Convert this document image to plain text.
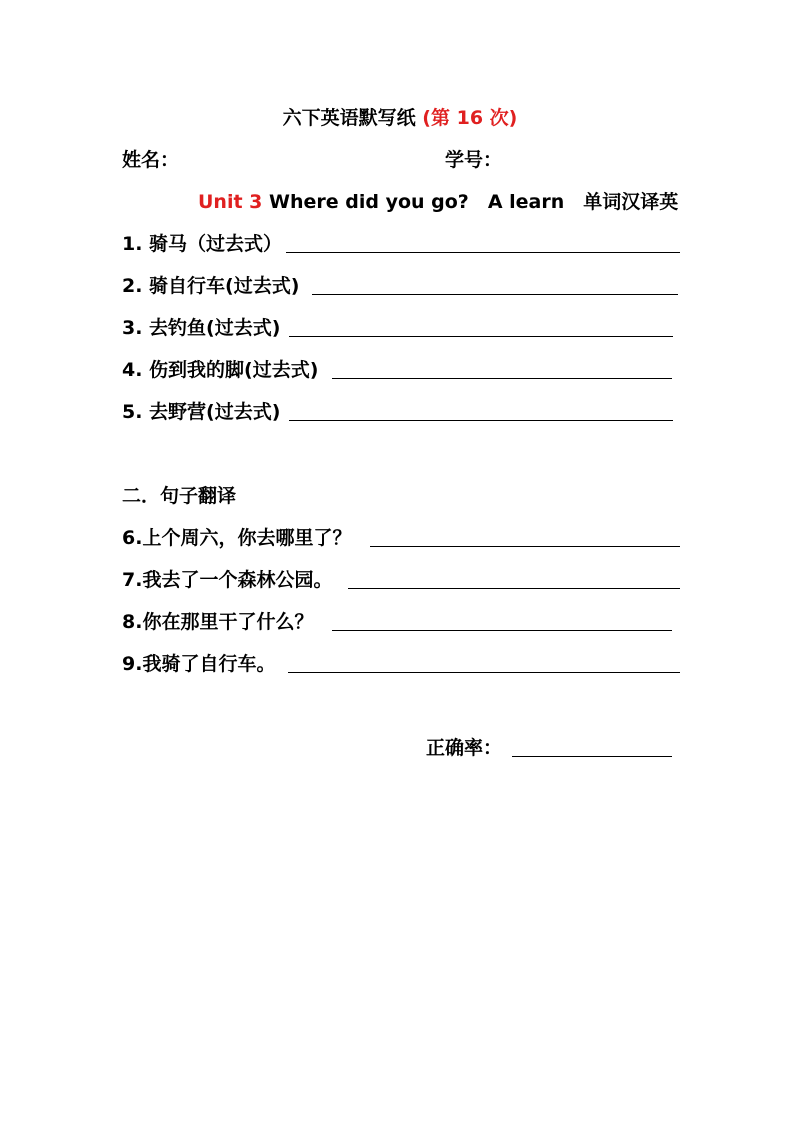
六下英语默写纸 (第 16 次)
姓名：	学号：
Unit 3 Where did you go?　A learn　单词汉译英
1. 骑马（过去式）
2. 骑自行车(过去式)
3. 去钓鱼(过去式)
4. 伤到我的脚(过去式)
5. 去野营(过去式)
二．句子翻译
6.上个周六，你去哪里了？
7.我去了一个森林公园。
8.你在那里干了什么？
9.我骑了自行车。
正确率：
